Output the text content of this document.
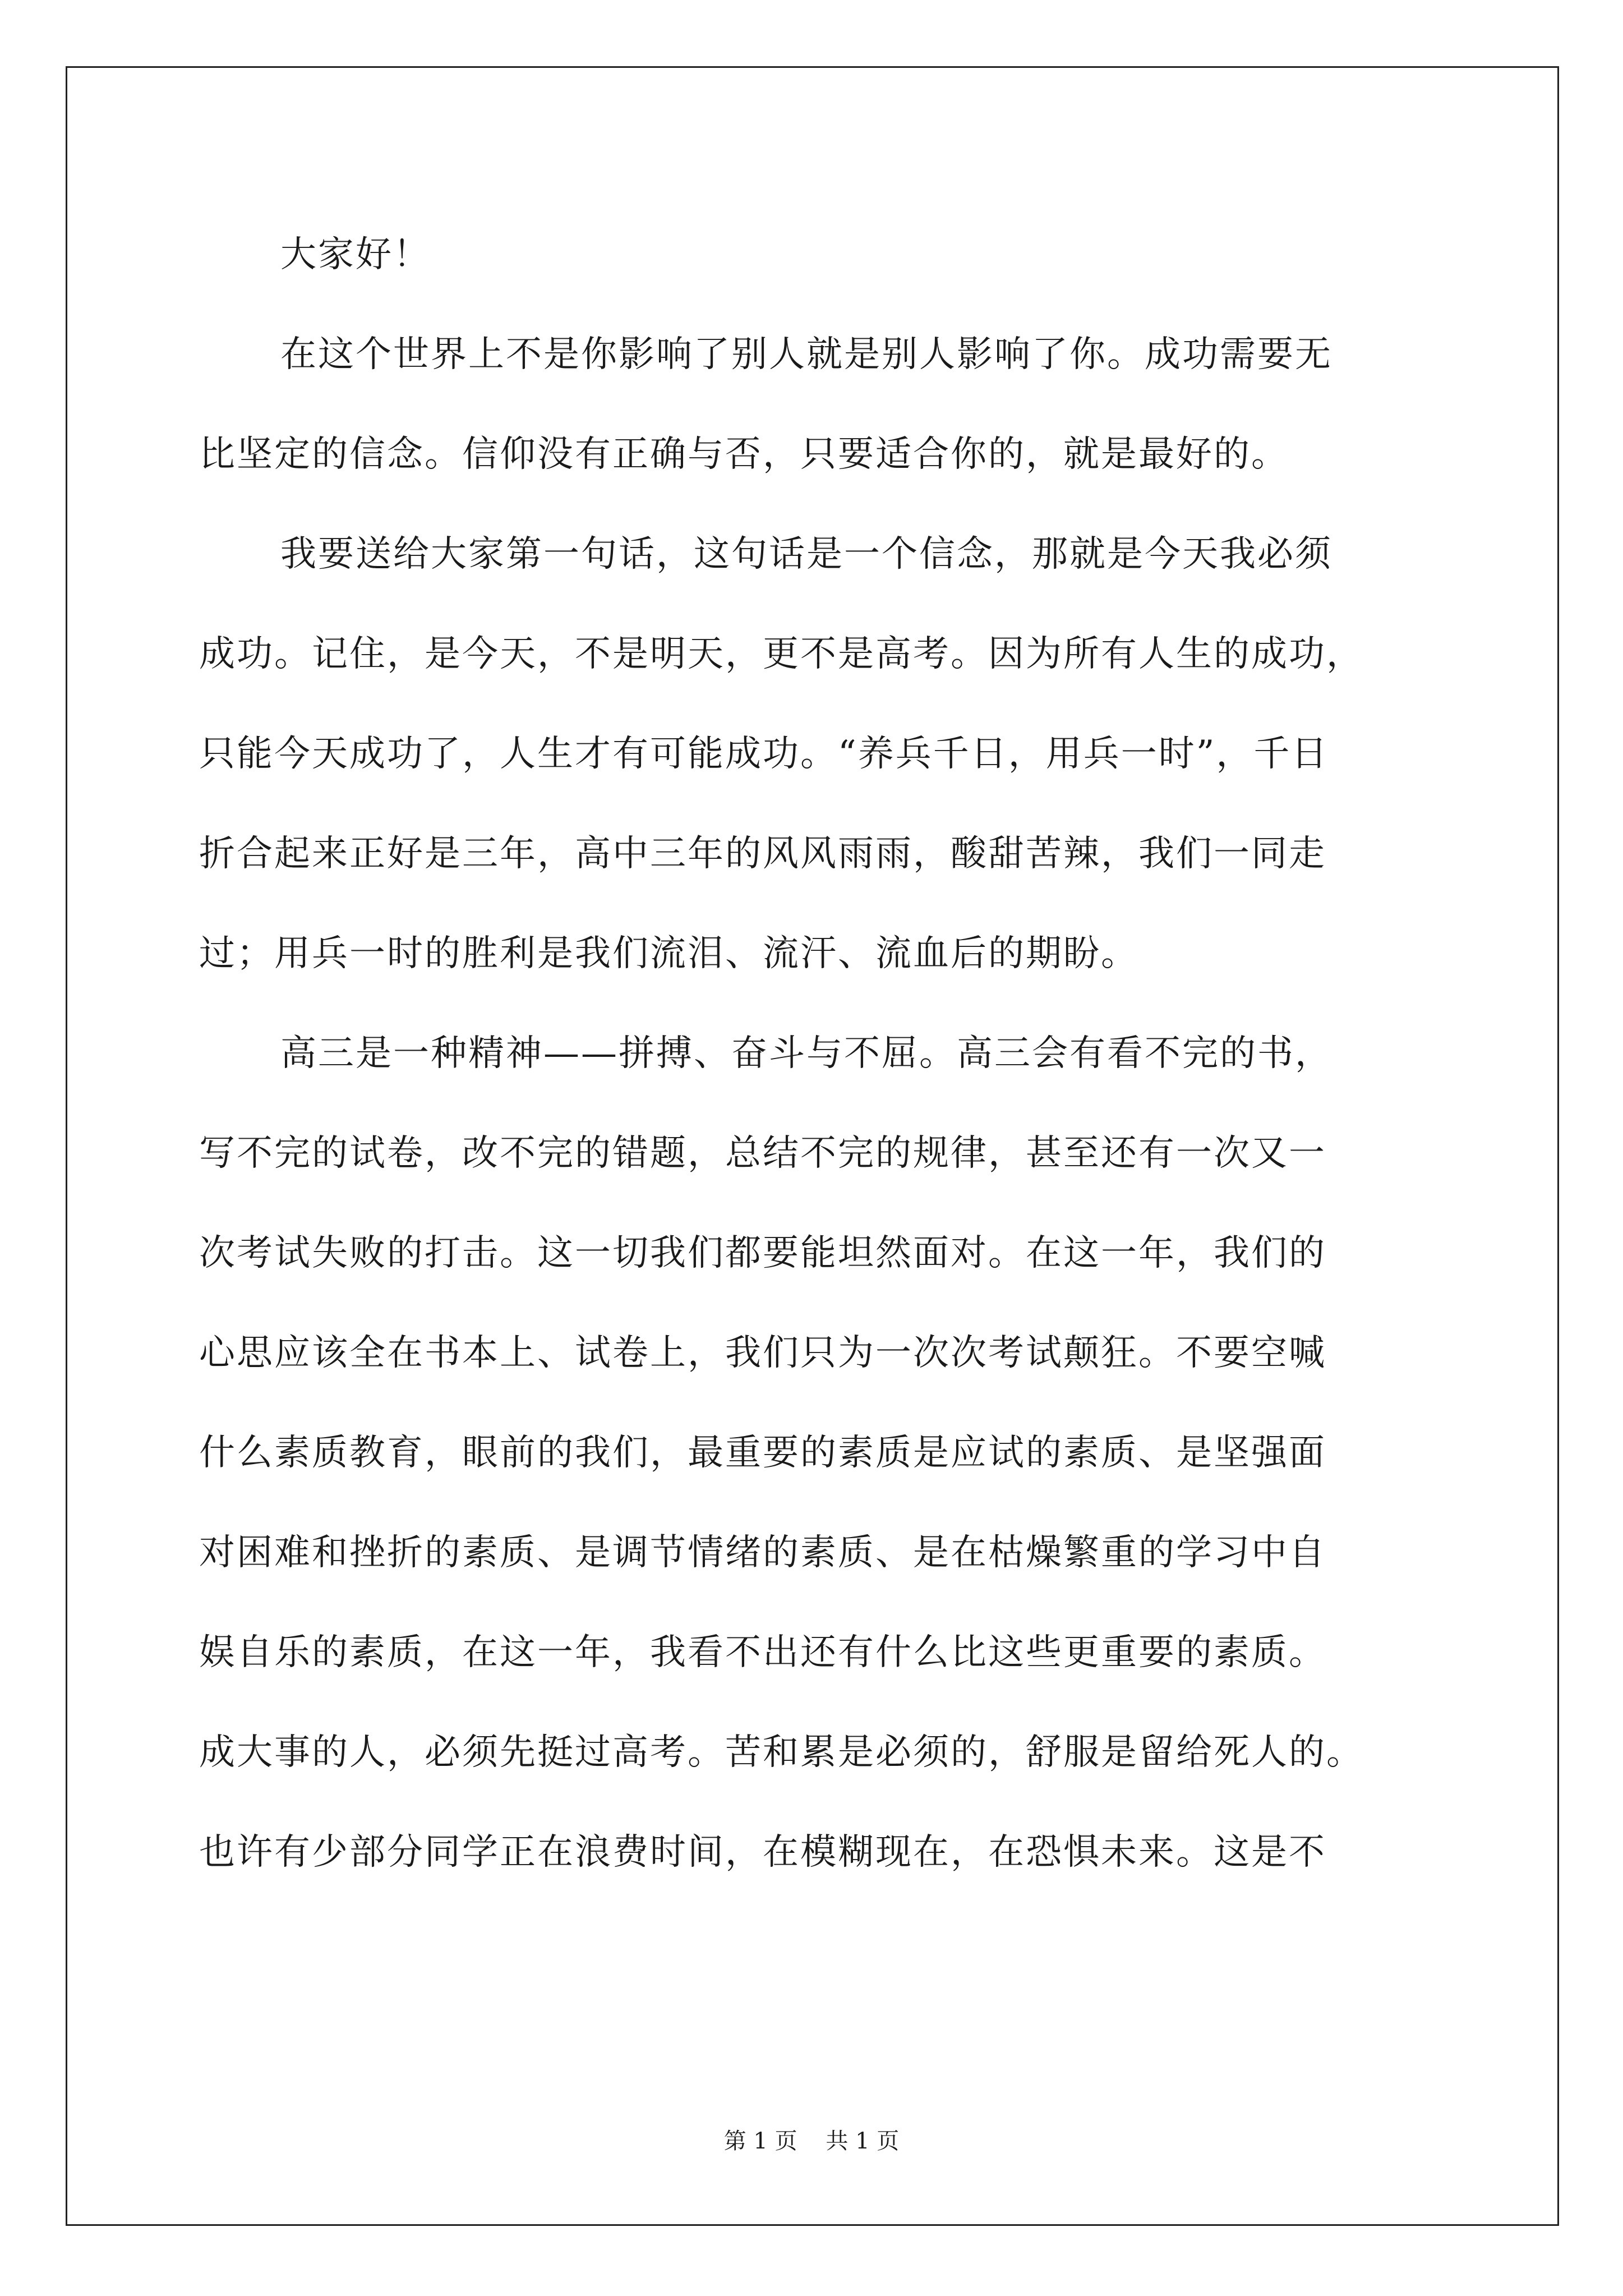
大家好！
在这个世界上不是你影响了别人就是别人影响了你。成功需要无
比坚定的信念。信仰没有正确与否，只要适合你的，就是最好的。
我要送给大家第一句话，这句话是一个信念，那就是今天我必须
成功。记住，是今天，不是明天，更不是高考。因为所有人生的成功，
只能今天成功了，人生才有可能成功。“养兵千日，用兵一时”，千日
折合起来正好是三年，高中三年的风风雨雨，酸甜苦辣，我们一同走
过；用兵一时的胜利是我们流泪、流汗、流血后的期盼。
高三是一种精神——拼搏、奋斗与不屈。高三会有看不完的书，
写不完的试卷，改不完的错题，总结不完的规律，甚至还有一次又一
次考试失败的打击。这一切我们都要能坦然面对。在这一年，我们的
心思应该全在书本上、试卷上，我们只为一次次考试颠狂。不要空喊
什么素质教育，眼前的我们，最重要的素质是应试的素质、是坚强面
对困难和挫折的素质、是调节情绪的素质、是在枯燥繁重的学习中自
娱自乐的素质，在这一年，我看不出还有什么比这些更重要的素质。
成大事的人，必须先挺过高考。苦和累是必须的，舒服是留给死人的。
也许有少部分同学正在浪费时间，在模糊现在，在恐惧未来。这是不
第 1 页    共 1 页
